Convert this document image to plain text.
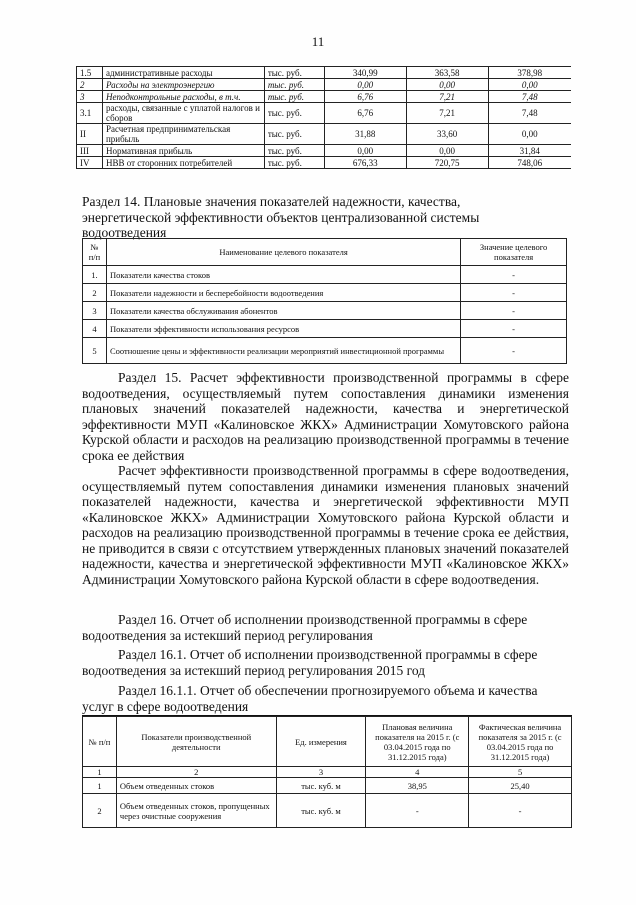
11
1.5	административные расходы	тыс. руб.	340,99	363,58	378,98
2	Расходы на электроэнергию	тыс. руб.	0,00	0,00	0,00
3	Неподконтрольные расходы, в т.ч.	тыс. руб.	6,76	7,21	7,48
3.1	расходы, связанные с уплатой налогов и сборов	тыс. руб.	6,76	7,21	7,48
II	Расчетная предпринимательская прибыль	тыс. руб.	31,88	33,60	0,00
III	Нормативная прибыль	тыс. руб.	0,00	0,00	31,84
IV	НВВ от сторонних потребителей	тыс. руб.	676,33	720,75	748,06
Раздел 14. Плановые значения показателей надежности, качества,
энергетической эффективности объектов централизованной системы
водоотведения
№ п/п	Наименование целевого показателя	Значение целевого показателя
1.	Показатели качества стоков	-
2	Показатели надежности и бесперебойности водоотведения	-
3	Показатели качества обслуживания абонентов	-
4	Показатели эффективности использования ресурсов	-
5	Соотношение цены и эффективности реализации мероприятий инвестиционной программы	-
Раздел 15. Расчет эффективности производственной программы в сфере водоотведения, осуществляемый путем сопоставления динамики изменения плановых значений показателей надежности, качества и энергетической эффективности МУП «Калиновское ЖКХ» Администрации Хомутовского района Курской области и расходов на реализацию производственной программы в течение срока ее действия
Расчет эффективности производственной программы в сфере водоотведения, осуществляемый путем сопоставления динамики изменения плановых значений показателей надежности, качества и энергетической эффективности МУП «Калиновское ЖКХ» Администрации Хомутовского района Курской области и расходов на реализацию производственной программы в течение срока ее действия, не приводится в связи с отсутствием утвержденных плановых значений показателей надежности, качества и энергетической эффективности МУП «Калиновское ЖКХ» Администрации Хомутовского района Курской области в сфере водоотведения.
Раздел 16. Отчет об исполнении производственной программы в сфере
водоотведения за истекший период регулирования
Раздел 16.1. Отчет об исполнении производственной программы в сфере
водоотведения за истекший период регулирования 2015 год
Раздел 16.1.1. Отчет об обеспечении прогнозируемого объема и качества
услуг в сфере водоотведения
№ п/п	Показатели производственной деятельности	Ед. измерения	Плановая величина показателя на 2015 г. (с 03.04.2015 года по 31.12.2015 года)	Фактическая величина показателя за 2015 г. (с 03.04.2015 года по 31.12.2015 года)
1	2	3	4	5
1	Объем отведенных стоков	тыс. куб. м	38,95	25,40
2	Объем отведенных стоков, пропущенных через очистные сооружения	тыс. куб. м	-	-
